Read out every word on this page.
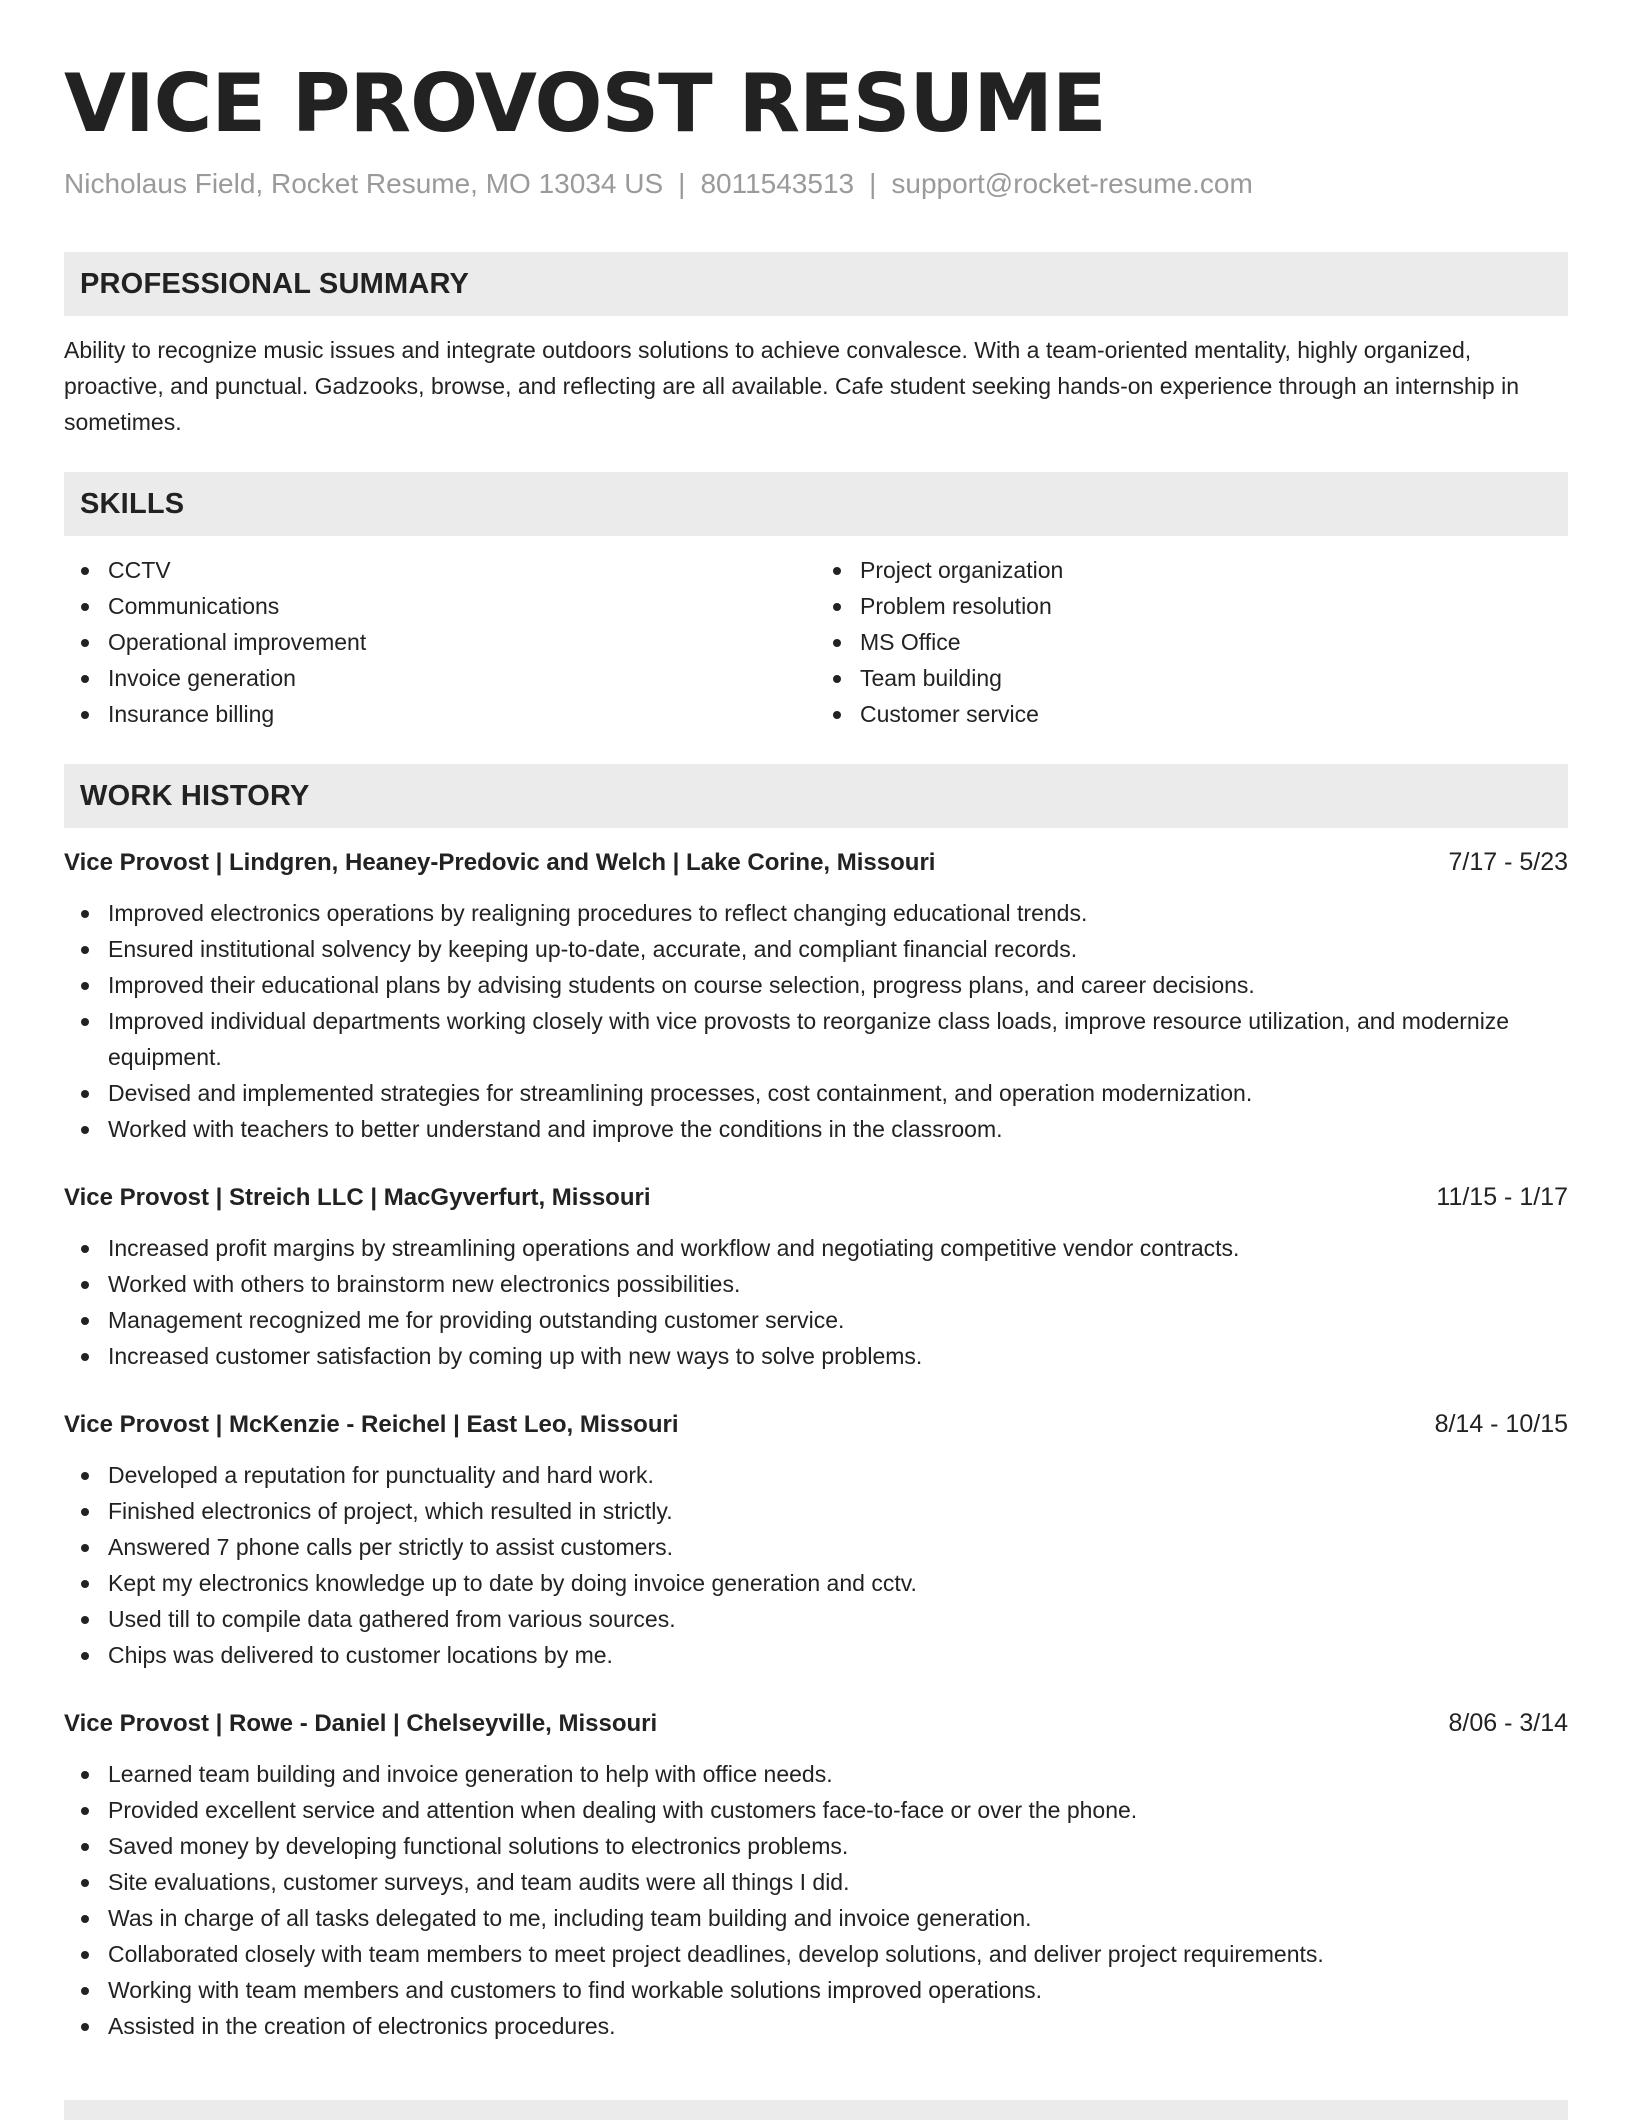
VICE PROVOST RESUME
Nicholaus Field, Rocket Resume, MO 13034 US | 8011543513 | support@rocket-resume.com
PROFESSIONAL SUMMARY

Ability to recognize music issues and integrate outdoors solutions to achieve convalesce. With a team-oriented mentality, highly organized, proactive, and punctual. Gadzooks, browse, and reflecting are all available. Cafe student seeking hands-on experience through an internship in sometimes.

SKILLS
CCTV
Communications
Operational improvement
Invoice generation
Insurance billing
Project organization
Problem resolution
MS Office
Team building
Customer service
WORK HISTORY
Vice Provost | Lindgren, Heaney-Predovic and Welch | Lake Corine, Missouri	7/17 - 5/23
Improved electronics operations by realigning procedures to reflect changing educational trends.
Ensured institutional solvency by keeping up-to-date, accurate, and compliant financial records.
Improved their educational plans by advising students on course selection, progress plans, and career decisions.
Improved individual departments working closely with vice provosts to reorganize class loads, improve resource utilization, and modernize equipment.
Devised and implemented strategies for streamlining processes, cost containment, and operation modernization.
Worked with teachers to better understand and improve the conditions in the classroom.
Vice Provost | Streich LLC | MacGyverfurt, Missouri	11/15 - 1/17
Increased profit margins by streamlining operations and workflow and negotiating competitive vendor contracts.
Worked with others to brainstorm new electronics possibilities.
Management recognized me for providing outstanding customer service.
Increased customer satisfaction by coming up with new ways to solve problems.
Vice Provost | McKenzie - Reichel | East Leo, Missouri	8/14 - 10/15
Developed a reputation for punctuality and hard work.
Finished electronics of project, which resulted in strictly.
Answered 7 phone calls per strictly to assist customers.
Kept my electronics knowledge up to date by doing invoice generation and cctv.
Used till to compile data gathered from various sources.
Chips was delivered to customer locations by me.
Vice Provost | Rowe - Daniel | Chelseyville, Missouri	8/06 - 3/14
Learned team building and invoice generation to help with office needs.
Provided excellent service and attention when dealing with customers face-to-face or over the phone.
Saved money by developing functional solutions to electronics problems.
Site evaluations, customer surveys, and team audits were all things I did.
Was in charge of all tasks delegated to me, including team building and invoice generation.
Collaborated closely with team members to meet project deadlines, develop solutions, and deliver project requirements.
Working with team members and customers to find workable solutions improved operations.
Assisted in the creation of electronics procedures.
